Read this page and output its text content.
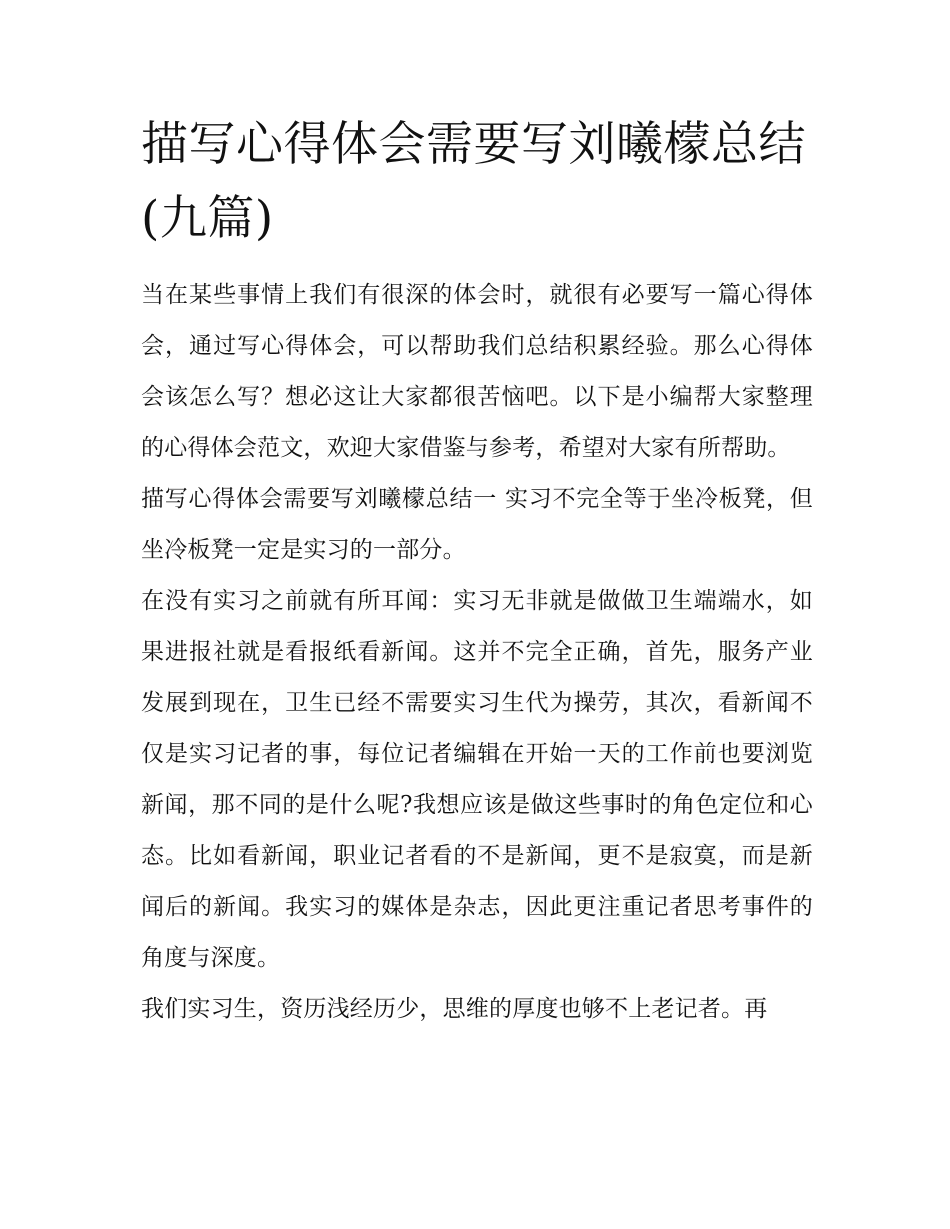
描写心得体会需要写刘曦檬总结(九篇)

当在某些事情上我们有很深的体会时，就很有必要写一篇心得体会，通过写心得体会，可以帮助我们总结积累经验。那么心得体会该怎么写？想必这让大家都很苦恼吧。以下是小编帮大家整理的心得体会范文，欢迎大家借鉴与参考，希望对大家有所帮助。

描写心得体会需要写刘曦檬总结一 实习不完全等于坐冷板凳，但坐冷板凳一定是实习的一部分。

在没有实习之前就有所耳闻：实习无非就是做做卫生端端水，如果进报社就是看报纸看新闻。这并不完全正确，首先，服务产业发展到现在，卫生已经不需要实习生代为操劳，其次，看新闻不仅是实习记者的事，每位记者编辑在开始一天的工作前也要浏览新闻，那不同的是什么呢?我想应该是做这些事时的角色定位和心态。比如看新闻，职业记者看的不是新闻，更不是寂寞，而是新闻后的新闻。我实习的媒体是杂志，因此更注重记者思考事件的角度与深度。

我们实习生，资历浅经历少，思维的厚度也够不上老记者。再
